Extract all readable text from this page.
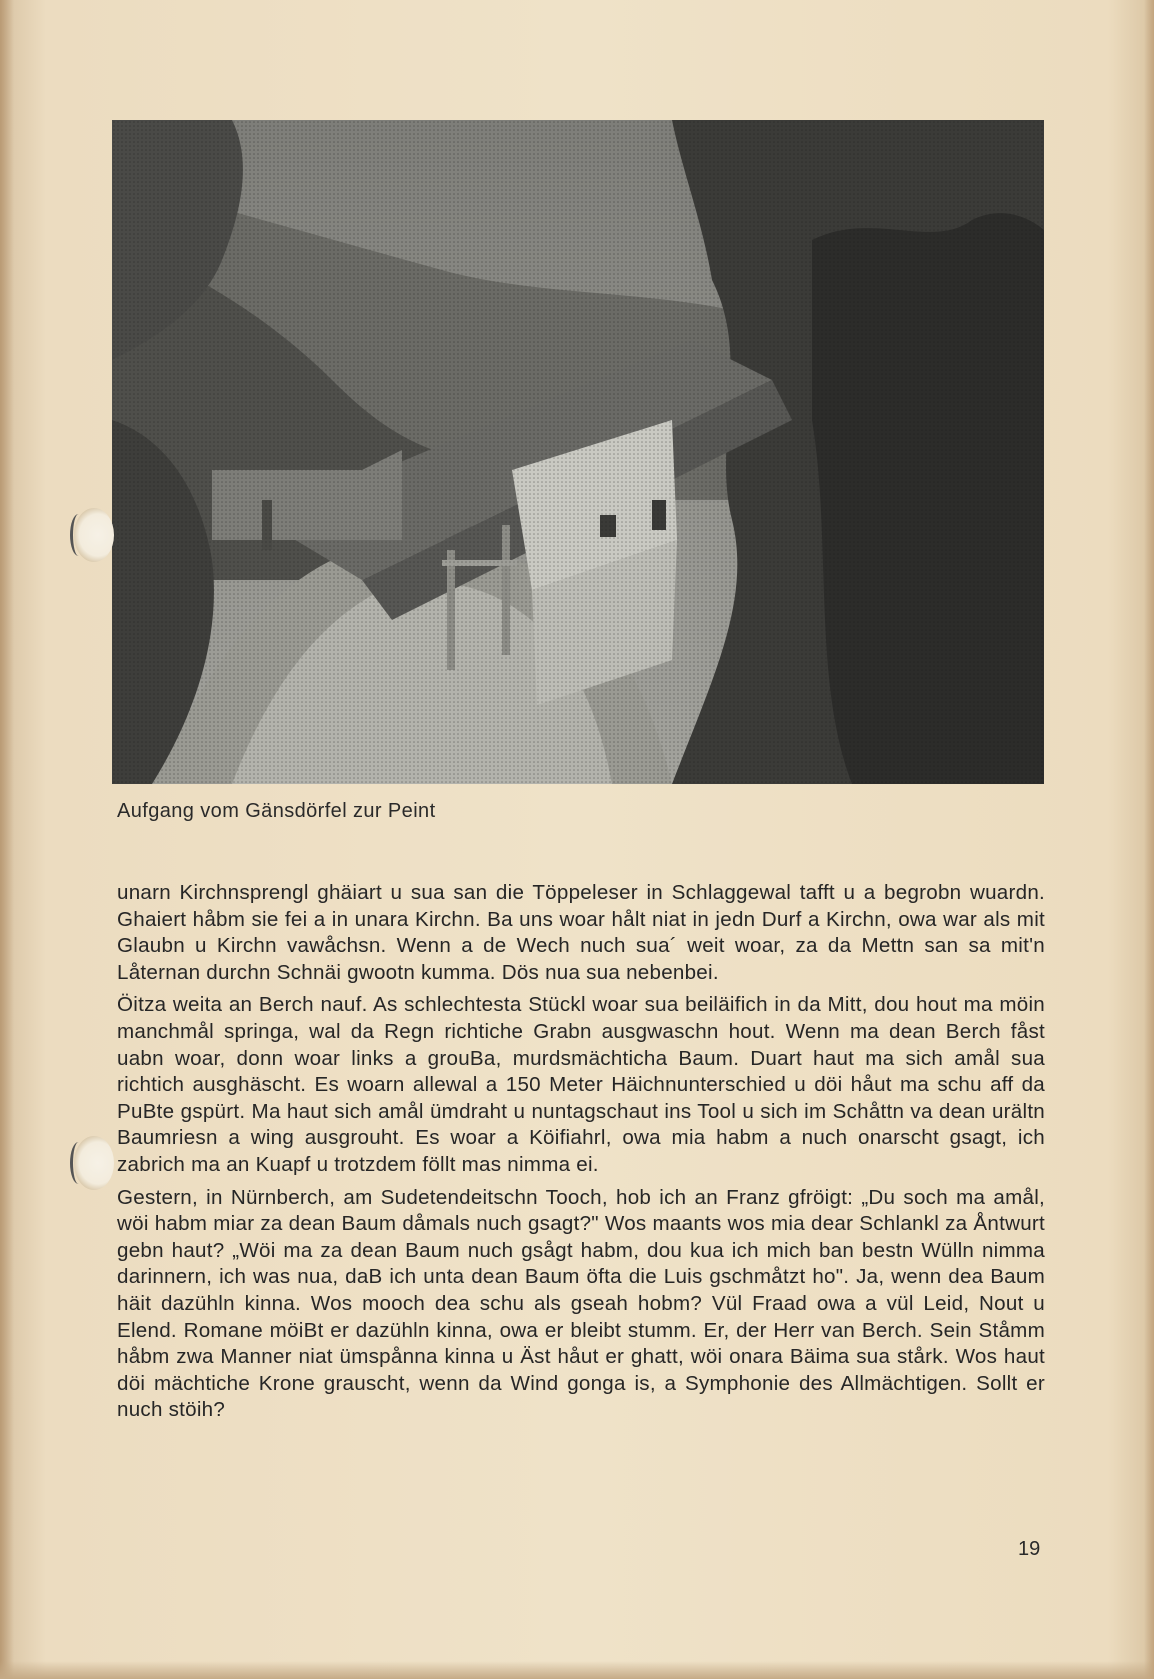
Aufgang vom Gänsdörfel zur Peint

unarn Kirchnsprengl ghäiart u sua san die Töppeleser in Schlaggewal tafft u a begrobn wuardn. Ghaiert håbm sie fei a in unara Kirchn. Ba uns woar hålt niat in jedn Durf a Kirchn, owa war als mit Glaubn u Kirchn vawåchsn. Wenn a de Wech nuch sua´ weit woar, za da Mettn san sa mit'n Låternan durchn Schnäi gwootn kumma. Dös nua sua nebenbei.

Öitza weita an Berch nauf. As schlechtesta Stückl woar sua beiläifich in da Mitt, dou hout ma möin manchmål springa, wal da Regn richtiche Grabn ausgwaschn hout. Wenn ma dean Berch fåst uabn woar, donn woar links a grouBa, murdsmächticha Baum. Duart haut ma sich amål sua richtich ausghäscht. Es woarn allewal a 150 Meter Häichnunterschied u döi håut ma schu aff da PuBte gspürt. Ma haut sich amål ümdraht u nuntagschaut ins Tool u sich im Schåttn va dean urältn Baumriesn a wing ausgrouht. Es woar a Köifiahrl, owa mia habm a nuch onarscht gsagt, ich zabrich ma an Kuapf u trotzdem föllt mas nimma ei.

Gestern, in Nürnberch, am Sudetendeitschn Tooch, hob ich an Franz gfröigt: „Du soch ma amål, wöi habm miar za dean Baum dåmals nuch gsagt?" Wos maants wos mia dear Schlankl za Åntwurt gebn haut? „Wöi ma za dean Baum nuch gsågt habm, dou kua ich mich ban bestn Wülln nimma darinnern, ich was nua, daB ich unta dean Baum öfta die Luis gschmåtzt ho". Ja, wenn dea Baum häit dazühln kinna. Wos mooch dea schu als gseah hobm? Vül Fraad owa a vül Leid, Nout u Elend. Romane möiBt er dazühln kinna, owa er bleibt stumm. Er, der Herr van Berch. Sein Ståmm håbm zwa Manner niat ümspånna kinna u Äst håut er ghatt, wöi onara Bäima sua stårk. Wos haut döi mächtiche Krone grauscht, wenn da Wind gonga is, a Symphonie des Allmächtigen. Sollt er nuch stöih?

19
